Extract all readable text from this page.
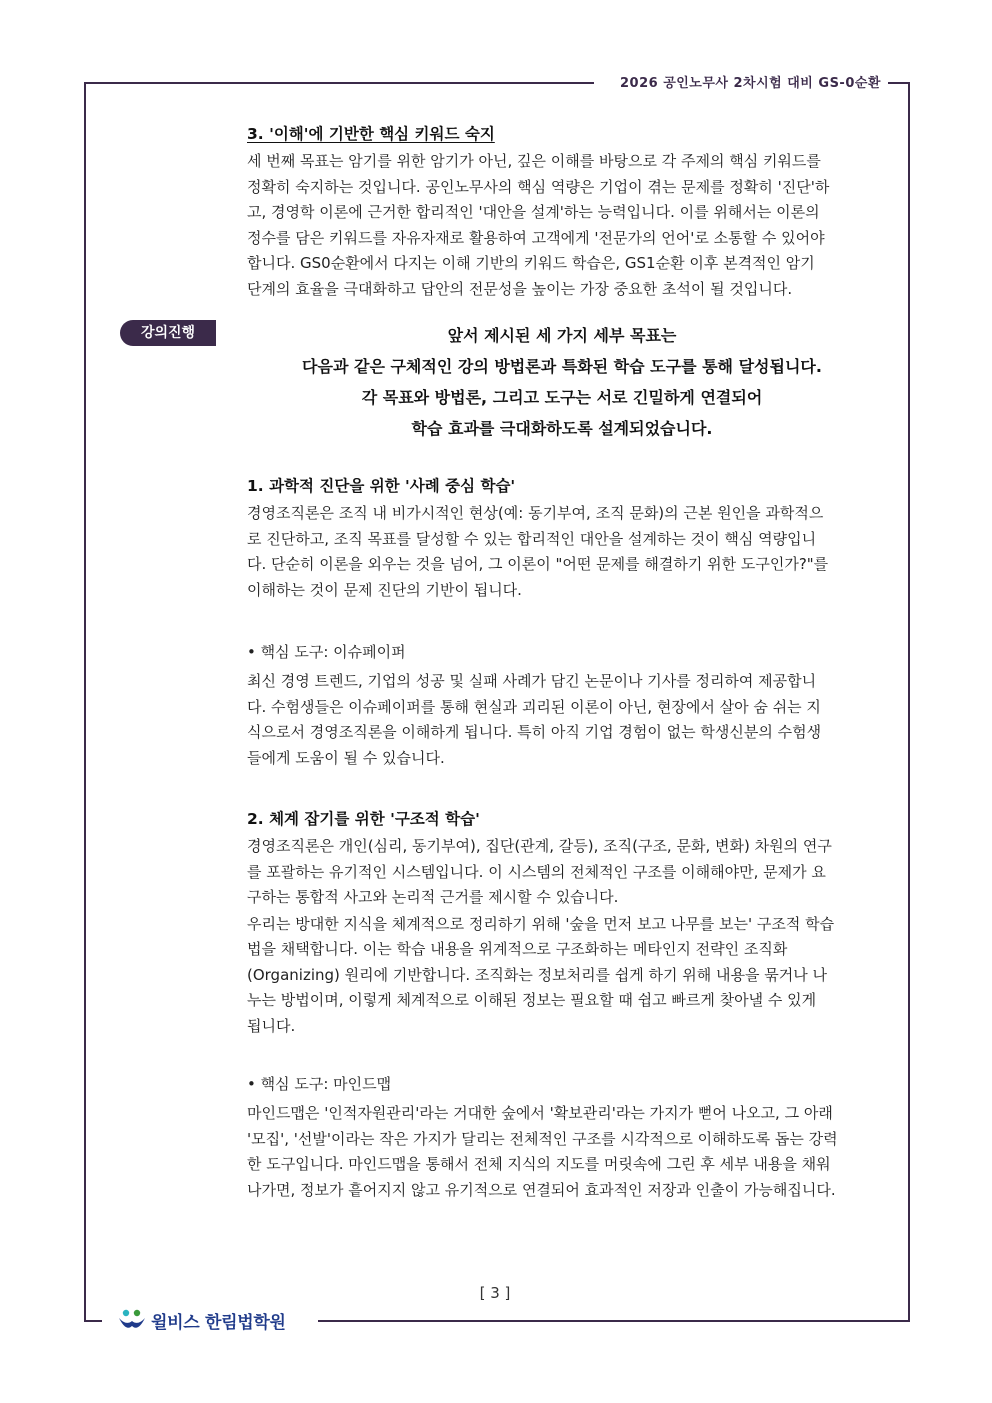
2026 공인노무사 2차시험 대비 GS-0순환

3. '이해'에 기반한 핵심 키워드 숙지

세 번째 목표는 암기를 위한 암기가 아닌, 깊은 이해를 바탕으로 각 주제의 핵심 키워드를
정확히 숙지하는 것입니다. 공인노무사의 핵심 역량은 기업이 겪는 문제를 정확히 '진단'하
고, 경영학 이론에 근거한 합리적인 '대안을 설계'하는 능력입니다. 이를 위해서는 이론의
정수를 담은 키워드를 자유자재로 활용하여 고객에게 '전문가의 언어'로 소통할 수 있어야
합니다. GS0순환에서 다지는 이해 기반의 키워드 학습은, GS1순환 이후 본격적인 암기
단계의 효율을 극대화하고 답안의 전문성을 높이는 가장 중요한 초석이 될 것입니다.

강의진행	앞서 제시된 세 가지 세부 목표는

다음과 같은 구체적인 강의 방법론과 특화된 학습 도구를 통해 달성됩니다.

각 목표와 방법론, 그리고 도구는 서로 긴밀하게 연결되어

학습 효과를 극대화하도록 설계되었습니다.

1. 과학적 진단을 위한 '사례 중심 학습'

경영조직론은 조직 내 비가시적인 현상(예: 동기부여, 조직 문화)의 근본 원인을 과학적으
로 진단하고, 조직 목표를 달성할 수 있는 합리적인 대안을 설계하는 것이 핵심 역량입니
다. 단순히 이론을 외우는 것을 넘어, 그 이론이 "어떤 문제를 해결하기 위한 도구인가?"를
이해하는 것이 문제 진단의 기반이 됩니다.

• 핵심 도구: 이슈페이퍼

최신 경영 트렌드, 기업의 성공 및 실패 사례가 담긴 논문이나 기사를 정리하여 제공합니
다. 수험생들은 이슈페이퍼를 통해 현실과 괴리된 이론이 아닌, 현장에서 살아 숨 쉬는 지
식으로서 경영조직론을 이해하게 됩니다. 특히 아직 기업 경험이 없는 학생신분의 수험생
들에게 도움이 될 수 있습니다.

2. 체계 잡기를 위한 '구조적 학습'

경영조직론은 개인(심리, 동기부여), 집단(관계, 갈등), 조직(구조, 문화, 변화) 차원의 연구
를 포괄하는 유기적인 시스템입니다. 이 시스템의 전체적인 구조를 이해해야만, 문제가 요
구하는 통합적 사고와 논리적 근거를 제시할 수 있습니다.

우리는 방대한 지식을 체계적으로 정리하기 위해 '숲을 먼저 보고 나무를 보는' 구조적 학습
법을 채택합니다. 이는 학습 내용을 위계적으로 구조화하는 메타인지 전략인 조직화
(Organizing) 원리에 기반합니다. 조직화는 정보처리를 쉽게 하기 위해 내용을 묶거나 나
누는 방법이며, 이렇게 체계적으로 이해된 정보는 필요할 때 쉽고 빠르게 찾아낼 수 있게
됩니다.

• 핵심 도구: 마인드맵

마인드맵은 '인적자원관리'라는 거대한 숲에서 '확보관리'라는 가지가 뻗어 나오고, 그 아래
'모집', '선발'이라는 작은 가지가 달리는 전체적인 구조를 시각적으로 이해하도록 돕는 강력
한 도구입니다. 마인드맵을 통해서 전체 지식의 지도를 머릿속에 그린 후 세부 내용을 채워
나가면, 정보가 흩어지지 않고 유기적으로 연결되어 효과적인 저장과 인출이 가능해집니다.

[ 3 ]
윌비스 한림법학원
